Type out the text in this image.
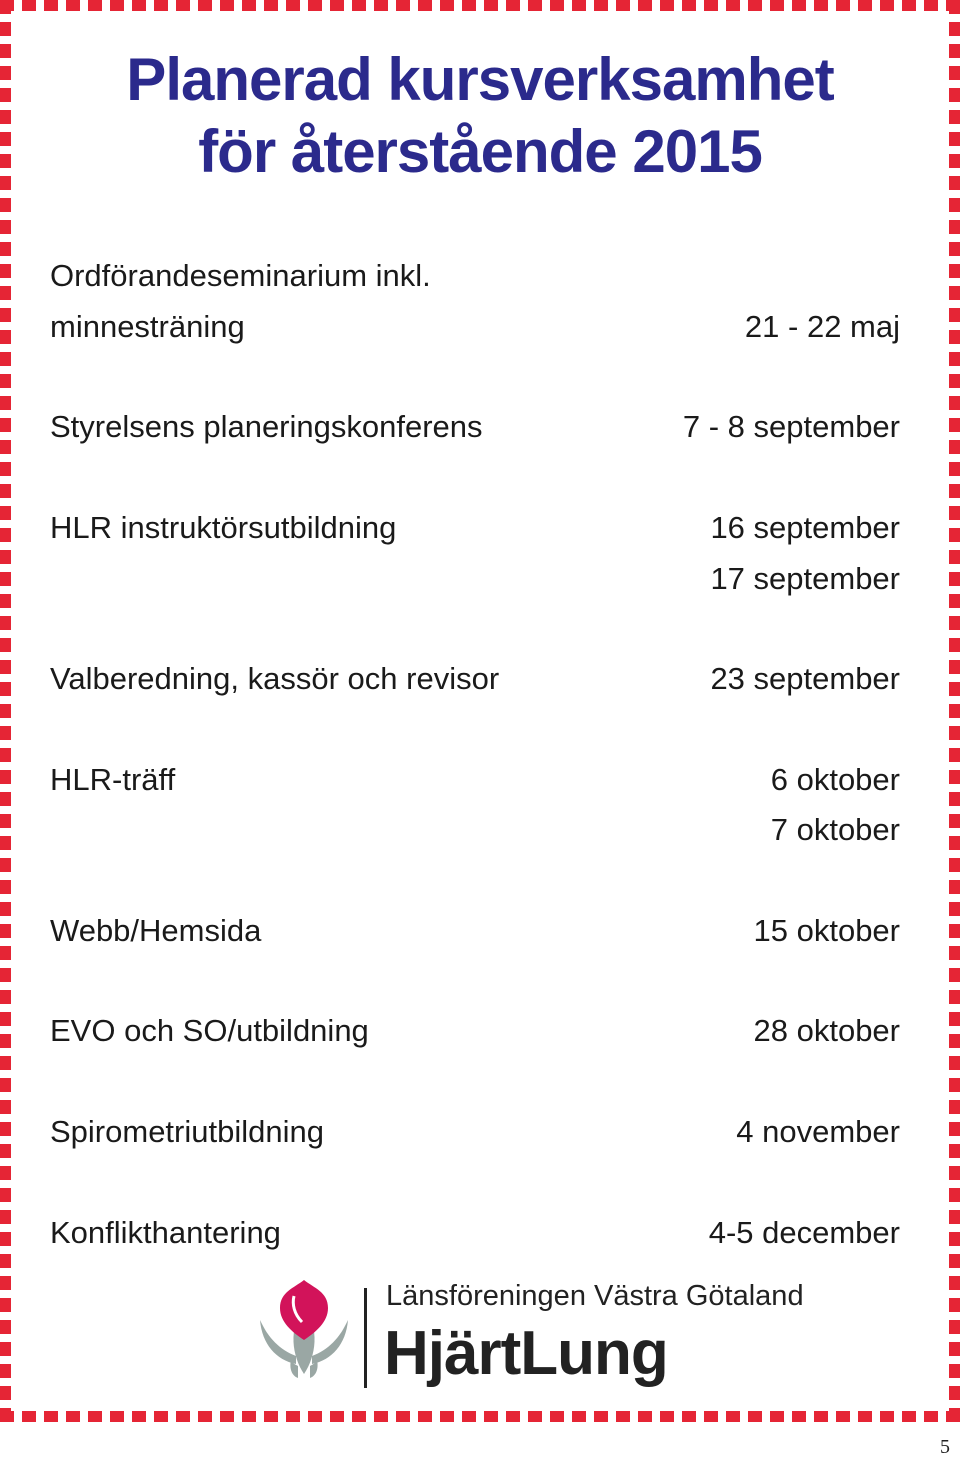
Planerad kursverksamhet
för återstående 2015
Ordförandeseminarium inkl.
minnesträning	21 - 22 maj
Styrelsens planeringskonferens	7 - 8 september
HLR instruktörsutbildning	16 september
17 september
Valberedning, kassör och revisor	23 september
HLR-träff	6 oktober
7 oktober
Webb/Hemsida	15 oktober
EVO och SO/utbildning	28 oktober
Spirometriutbildning	4 november
Konflikthantering	4-5 december
Länsföreningen Västra Götaland
HjärtLung
5
